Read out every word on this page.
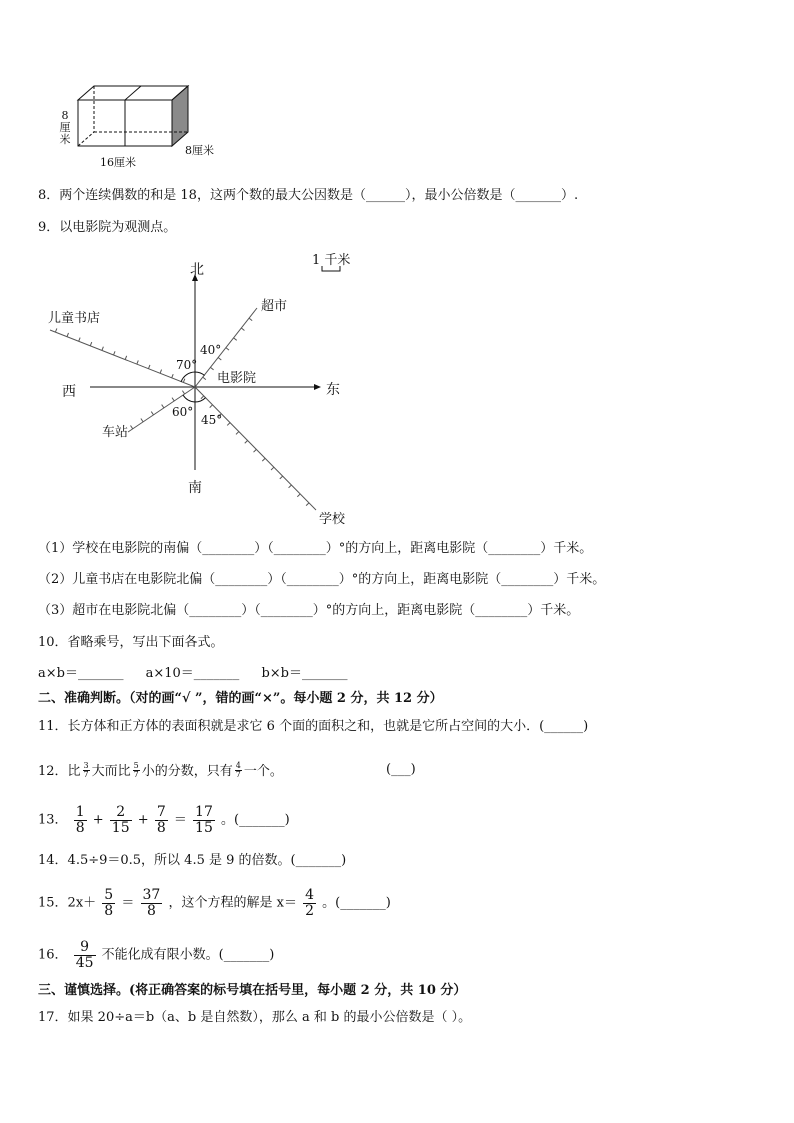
8
厘
米
16厘米
8厘米
8．两个连续偶数的和是 18，这两个数的最大公因数是（______），最小公倍数是（_______）.
9．以电影院为观测点。
北
南
东
西
电影院
1 千米
超市
儿童书店
车站
学校
40°
70°
60°
45°
（1）学校在电影院的南偏（________）（________）°的方向上，距离电影院（________）千米。
（2）儿童书店在电影院北偏（________）（________）°的方向上，距离电影院（________）千米。
（3）超市在电影院北偏（________）（________）°的方向上，距离电影院（________）千米。
10．省略乘号，写出下面各式。
a×b＝_______ a×10＝_______ b×b＝_______
二、准确判断。（对的画“√ ”，错的画“×”。每小题 2 分，共 12 分）
11．长方体和正方体的表面积就是求它 6 个面的面积之和，也就是它所占空间的大小．(______)
12．比 $\frac{3}{7}$ 大而比 $\frac{5}{7}$ 小的分数，只有 $\frac{4}{7}$ 一个。	(___)
13． $\frac{1}{8} + \frac{2}{15} + \frac{7}{8} = \frac{17}{15}$ 。(_______)
14．4.5÷9＝0.5，所以 4.5 是 9 的倍数。(_______)
15．$2x+ \frac{5}{8} = \frac{37}{8}$ ，这个方程的解是 $x= \frac{4}{2}$ 。(_______)
16． $\frac{9}{45}$ 不能化成有限小数。(_______)
三、谨慎选择。(将正确答案的标号填在括号里，每小题 2 分，共 10 分）
17．如果 20÷a＝b（a、b 是自然数），那么 a 和 b 的最小公倍数是（ ）。
